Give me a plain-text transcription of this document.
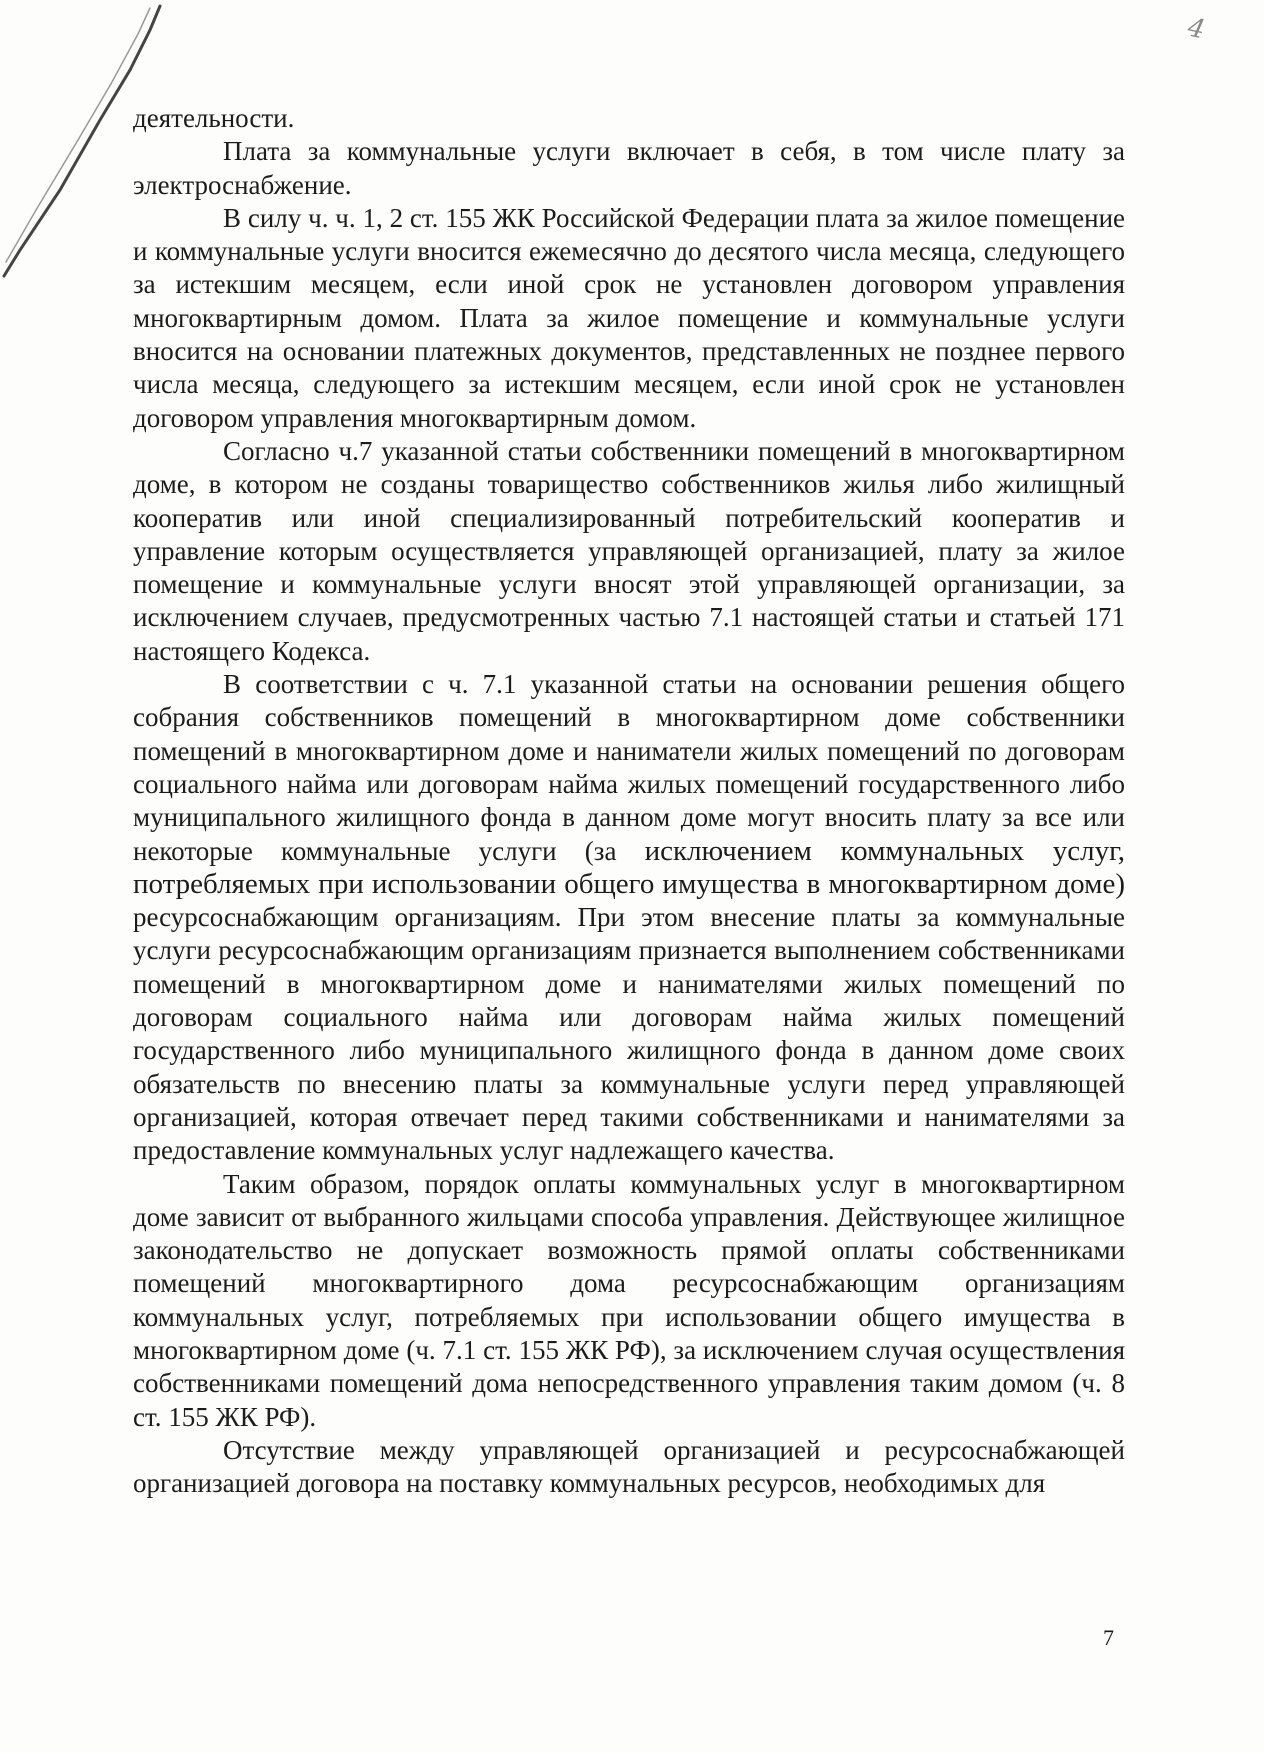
4

деятельности.

Плата за коммунальные услуги включает в себя, в том числе плату за электроснабжение.

В силу ч. ч. 1, 2 ст. 155 ЖК Российской Федерации плата за жилое помещение и коммунальные услуги вносится ежемесячно до десятого числа месяца, следующего за истекшим месяцем, если иной срок не установлен договором управления многоквартирным домом. Плата за жилое помещение и коммунальные услуги вносится на основании платежных документов, представленных не позднее первого числа месяца, следующего за истекшим месяцем, если иной срок не установлен договором управления многоквартирным домом.

Согласно ч.7 указанной статьи собственники помещений в многоквартирном доме, в котором не созданы товарищество собственников жилья либо жилищный кооператив или иной специализированный потребительский кооператив и управление которым осуществляется управляющей организацией, плату за жилое помещение и коммунальные услуги вносят этой управляющей организации, за исключением случаев, предусмотренных частью 7.1 настоящей статьи и статьей 171 настоящего Кодекса.

В соответствии с ч. 7.1 указанной статьи на основании решения общего собрания собственников помещений в многоквартирном доме собственники помещений в многоквартирном доме и наниматели жилых помещений по договорам социального найма или договорам найма жилых помещений государственного либо муниципального жилищного фонда в данном доме могут вносить плату за все или некоторые коммунальные услуги (за исключением коммунальных услуг, потребляемых при использовании общего имущества в многоквартирном доме) ресурсоснабжающим организациям. При этом внесение платы за коммунальные услуги ресурсоснабжающим организациям признается выполнением собственниками помещений в многоквартирном доме и нанимателями жилых помещений по договорам социального найма или договорам найма жилых помещений государственного либо муниципального жилищного фонда в данном доме своих обязательств по внесению платы за коммунальные услуги перед управляющей организацией, которая отвечает перед такими собственниками и нанимателями за предоставление коммунальных услуг надлежащего качества.

Таким образом, порядок оплаты коммунальных услуг в многоквартирном доме зависит от выбранного жильцами способа управления. Действующее жилищное законодательство не допускает возможность прямой оплаты собственниками помещений многоквартирного дома ресурсоснабжающим организациям коммунальных услуг, потребляемых при использовании общего имущества в многоквартирном доме (ч. 7.1 ст. 155 ЖК РФ), за исключением случая осуществления собственниками помещений дома непосредственного управления таким домом (ч. 8 ст. 155 ЖК РФ).

Отсутствие между управляющей организацией и ресурсоснабжающей организацией договора на поставку коммунальных ресурсов, необходимых для

7
